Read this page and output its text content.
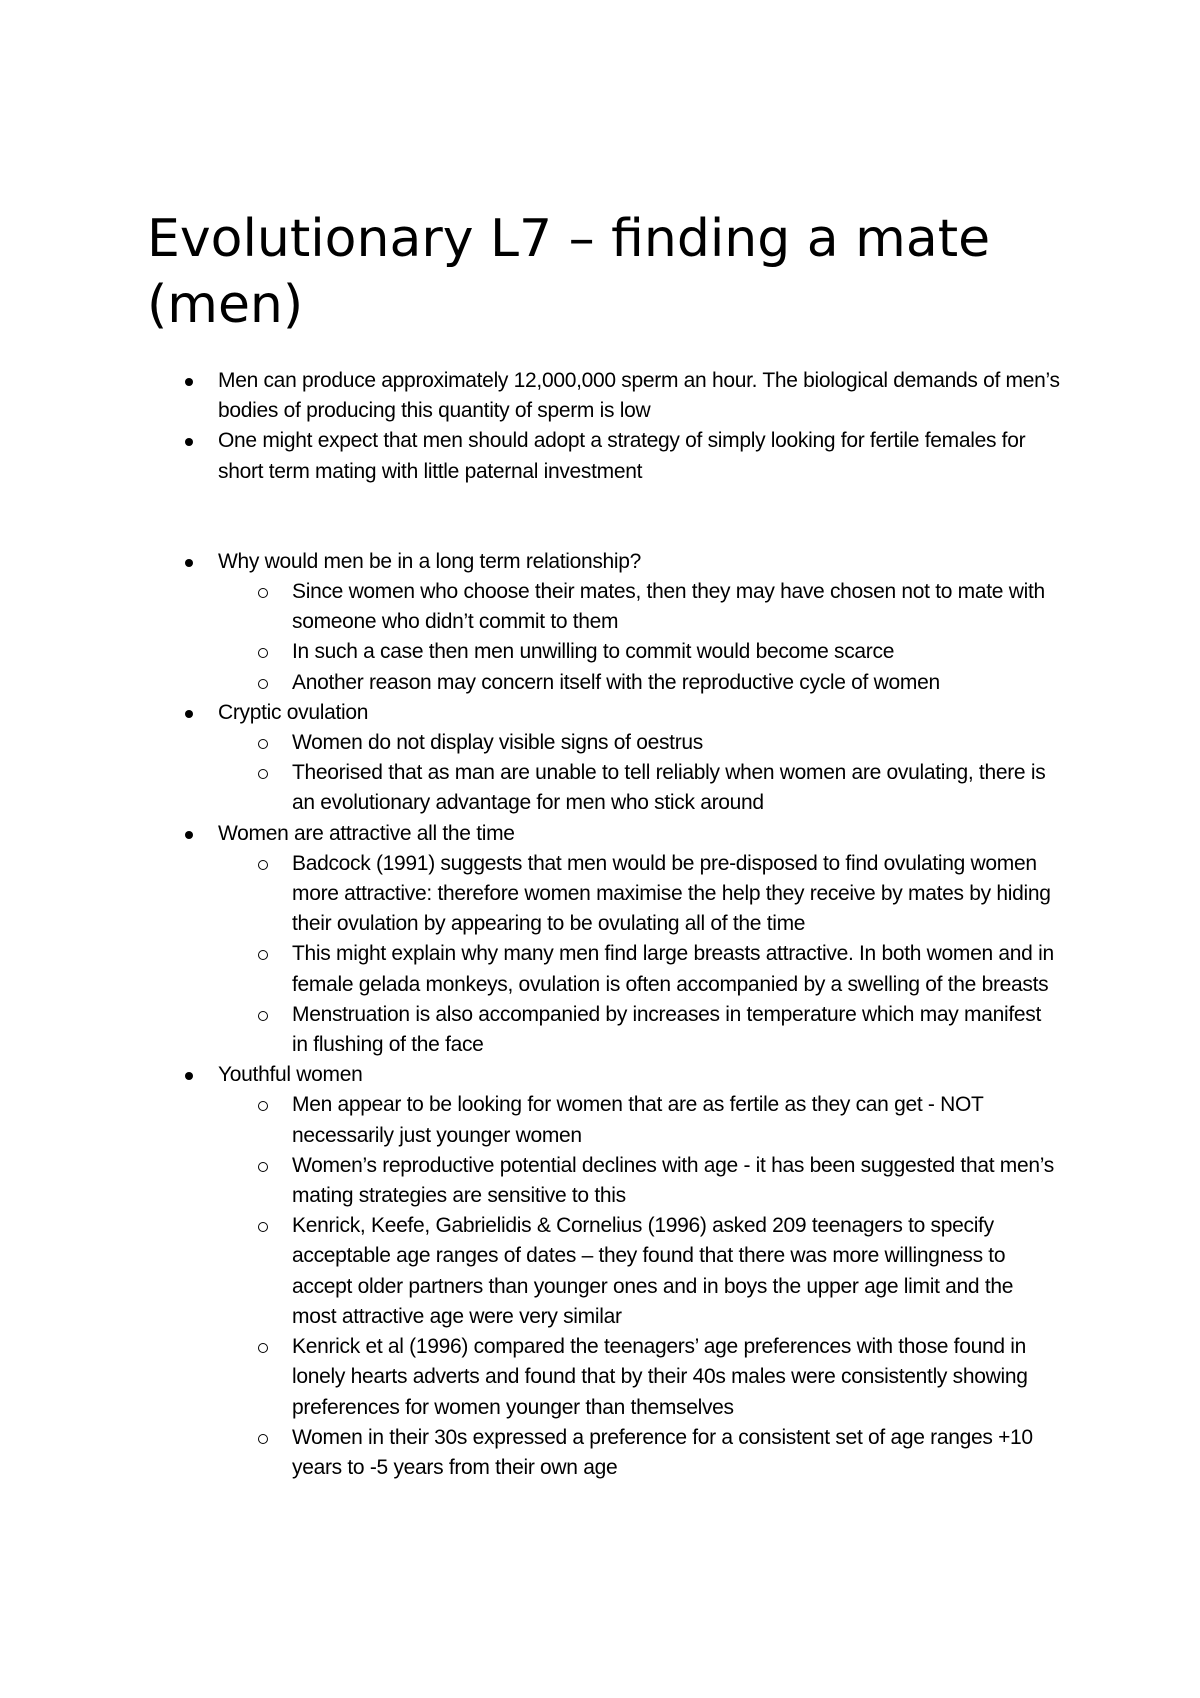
Evolutionary L7 – finding a mate (men)
Men can produce approximately 12,000,000 sperm an hour. The biological demands of men’s bodies of producing this quantity of sperm is low
One might expect that men should adopt a strategy of simply looking for fertile females for short term mating with little paternal investment
Why would men be in a long term relationship?
Since women who choose their mates, then they may have chosen not to mate with someone who didn’t commit to them
In such a case then men unwilling to commit would become scarce
Another reason may concern itself with the reproductive cycle of women
Cryptic ovulation
Women do not display visible signs of oestrus
Theorised that as man are unable to tell reliably when women are ovulating, there is an evolutionary advantage for men who stick around
Women are attractive all the time
Badcock (1991) suggests that men would be pre-disposed to find ovulating women more attractive: therefore women maximise the help they receive by mates by hiding their ovulation by appearing to be ovulating all of the time
This might explain why many men find large breasts attractive. In both women and in female gelada monkeys, ovulation is often accompanied by a swelling of the breasts
Menstruation is also accompanied by increases in temperature which may manifest in flushing of the face
Youthful women
Men appear to be looking for women that are as fertile as they can get - NOT necessarily just younger women
Women’s reproductive potential declines with age - it has been suggested that men’s mating strategies are sensitive to this
Kenrick, Keefe, Gabrielidis & Cornelius (1996) asked 209 teenagers to specify acceptable age ranges of dates – they found that there was more willingness to accept older partners than younger ones and in boys the upper age limit and the most attractive age were very similar
Kenrick et al (1996) compared the teenagers’ age preferences with those found in lonely hearts adverts and found that by their 40s males were consistently showing preferences for women younger than themselves
Women in their 30s expressed a preference for a consistent set of age ranges +10 years to -5 years from their own age
